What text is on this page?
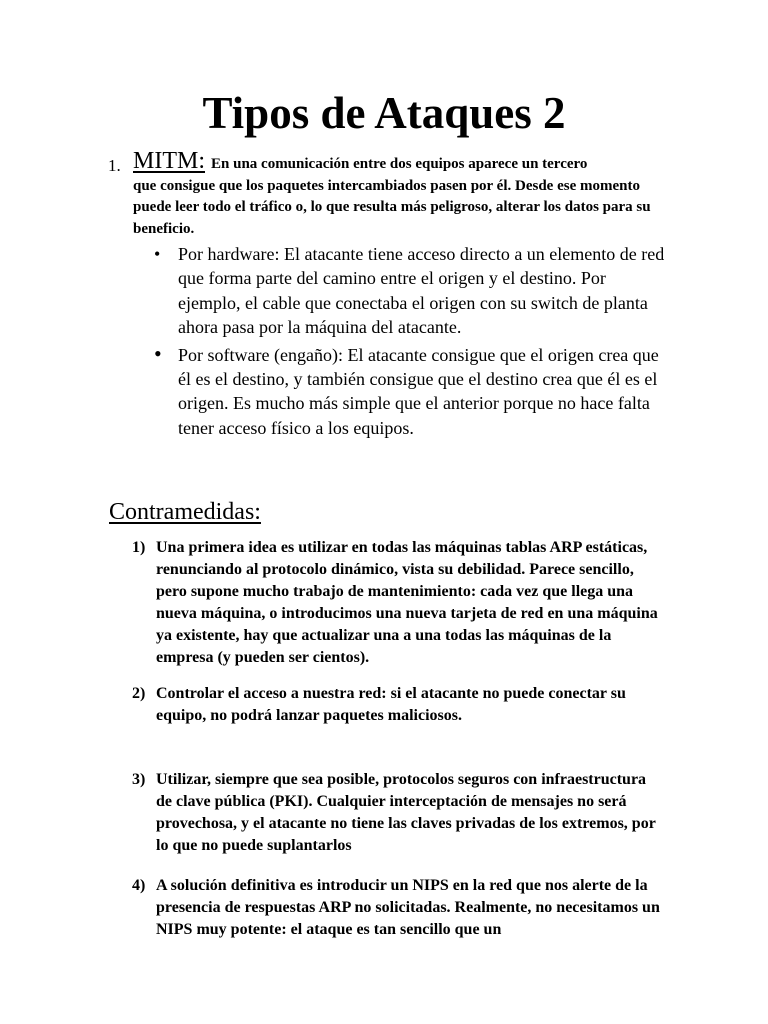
Tipos de Ataques 2
1. MITM: En una comunicación entre dos equipos aparece un tercero
que consigue que los paquetes intercambiados pasen por él. Desde ese momento puede leer todo el tráfico o, lo que resulta más peligroso, alterar los datos para su beneficio.
• Por hardware: El atacante tiene acceso directo a un elemento de red que forma parte del camino entre el origen y el destino. Por ejemplo, el cable que conectaba el origen con su switch de planta ahora pasa por la máquina del atacante.
• Por software (engaño): El atacante consigue que el origen crea que él es el destino, y también consigue que el destino crea que él es el origen. Es mucho más simple que el anterior porque no hace falta tener acceso físico a los equipos.
Contramedidas:
1) Una primera idea es utilizar en todas las máquinas tablas ARP estáticas, renunciando al protocolo dinámico, vista su debilidad. Parece sencillo, pero supone mucho trabajo de mantenimiento: cada vez que llega una nueva máquina, o introducimos una nueva tarjeta de red en una máquina ya existente, hay que actualizar una a una todas las máquinas de la empresa (y pueden ser cientos).
2) Controlar el acceso a nuestra red: si el atacante no puede conectar su equipo, no podrá lanzar paquetes maliciosos.
3) Utilizar, siempre que sea posible, protocolos seguros con infraestructura de clave pública (PKI). Cualquier interceptación de mensajes no será provechosa, y el atacante no tiene las claves privadas de los extremos, por lo que no puede suplantarlos
4) A solución definitiva es introducir un NIPS en la red que nos alerte de la presencia de respuestas ARP no solicitadas. Realmente, no necesitamos un NIPS muy potente: el ataque es tan sencillo que un
